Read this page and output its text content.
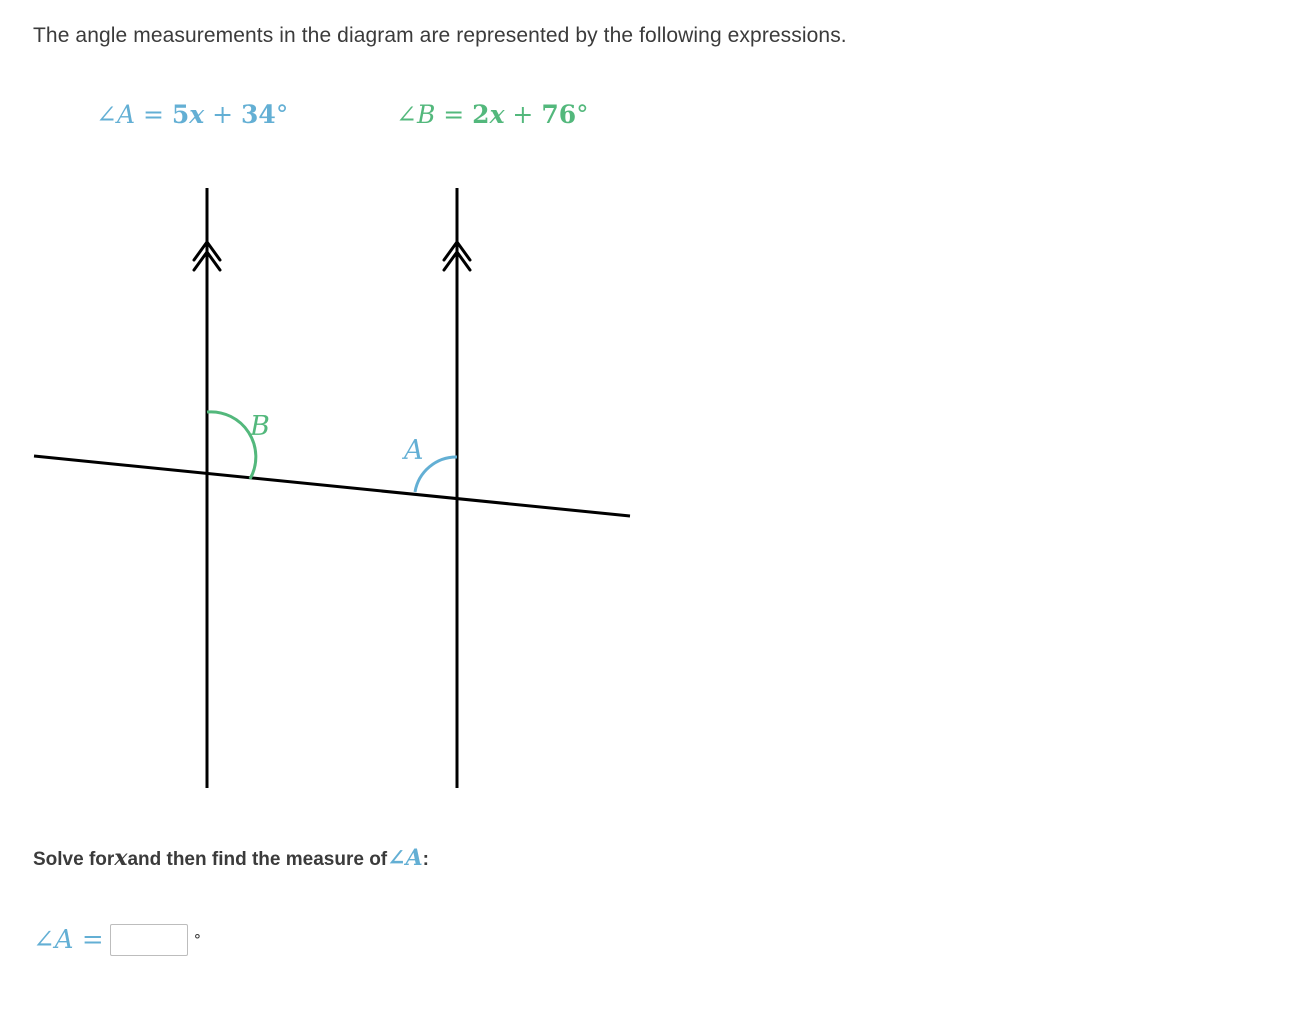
The angle measurements in the diagram are represented by the following expressions.
∠A = 5x + 34°	∠B = 2x + 76°
B
A
Solve for x and then find the measure of ∠A :
∠A =	°
